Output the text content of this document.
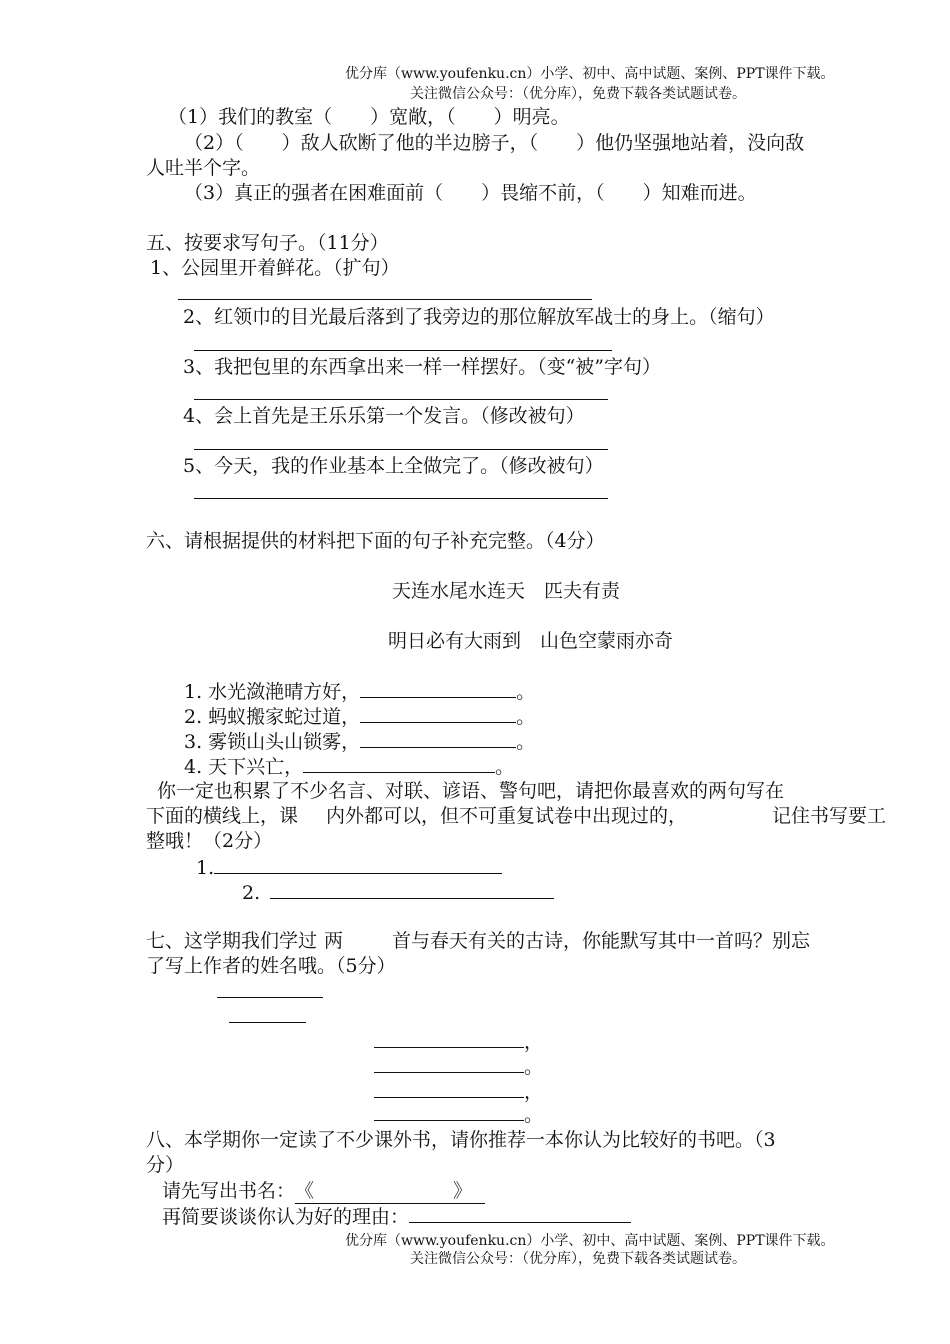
优分库（www.youfenku.cn）小学、初中、高中试题、案例、PPT课件下载。
关注微信公众号：（优分库），免费下载各类试题试卷。
（1）我们的教室（　　）宽敞，（　　）明亮。
（2）（　　）敌人砍断了他的半边膀子，（　　）他仍坚强地站着，没向敌
人吐半个字。
（3）真正的强者在困难面前（　　）畏缩不前，（　　）知难而进。
五、按要求写句子。（11分）
1、公园里开着鲜花。（扩句）
2、红领巾的目光最后落到了我旁边的那位解放军战士的身上。（缩句）
3、我把包里的东西拿出来一样一样摆好。（变“被”字句）
4、会上首先是王乐乐第一个发言。（修改被句）
5、今天，我的作业基本上全做完了。（修改被句）
六、请根据提供的材料把下面的句子补充完整。（4分）
天连水尾水连天　匹夫有责
明日必有大雨到　山色空蒙雨亦奇
1. 水光潋滟晴方好，	。
2. 蚂蚁搬家蛇过道，	。
3. 雾锁山头山锁雾，	。
4. 天下兴亡，	。
你一定也积累了不少名言、对联、谚语、警句吧，请把你最喜欢的两句写在
下面的横线上，课 内外都可以，但不可重复试卷中出现过的，	记住书写要工
整哦！（2分）
1.
2. 
七、这学期我们学过 两	首与春天有关的古诗，你能默写其中一首吗？别忘
了写上作者的姓名哦。（5分）
，
。
，
。
八、本学期你一定读了不少课外书，请你推荐一本你认为比较好的书吧。（3
分）
请先写出书名：《	》
再简要谈谈你认为好的理由：
优分库（www.youfenku.cn）小学、初中、高中试题、案例、PPT课件下载。
关注微信公众号：（优分库），免费下载各类试题试卷。
